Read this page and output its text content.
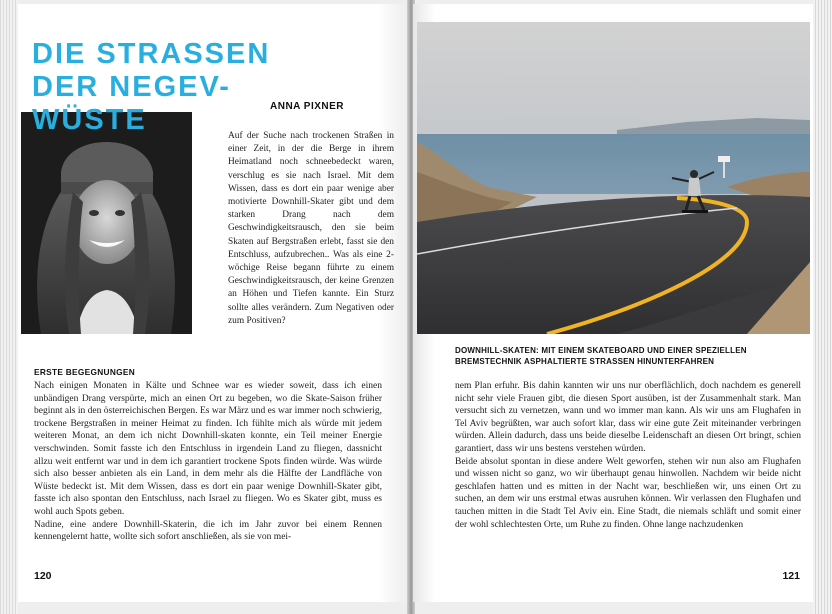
DIE STRASSEN
DER NEGEV-
WÜSTE	ANNA PIXNER

Auf der Suche nach trockenen Straßen in einer Zeit, in der die Berge in ihrem Heimatland noch schneebedeckt waren, verschlug es sie nach Israel. Mit dem Wissen, dass es dort ein paar wenige aber motivierte Downhill-Skater gibt und dem starken Drang nach dem Geschwindigkeitsrausch, den sie beim Skaten auf Bergstraßen erlebt, fasst sie den Entschluss, aufzubrechen.. Was als eine 2-wöchige Reise begann führte zu einem Geschwindigkeitsrausch, der keine Grenzen an Höhen und Tiefen kannte. Ein Sturz sollte alles verändern. Zum Negativen oder zum Positiven?

ERSTE BEGEGNUNGEN

Nach einigen Monaten in Kälte und Schnee war es wieder soweit, dass ich einen unbändigen Drang verspürte, mich an einen Ort zu begeben, wo die Skate-Saison früher beginnt als in den österreichischen Bergen. Es war März und es war immer noch schwierig, trockene Bergstraßen in meiner Heimat zu finden. Ich fühlte mich als würde mit jedem weiteren Monat, an dem ich nicht Downhill-skaten konnte, ein Teil meiner Energie verschwinden. Somit fasste ich den Entschluss in irgendein Land zu fliegen, dassnicht allzu weit entfernt war und in dem ich garantiert trockene Spots finden würde. Was würde sich also besser anbieten als ein Land, in dem mehr als die Hälfte der Landfläche von Wüste bedeckt ist. Mit dem Wissen, dass es dort ein paar wenige Downhill-Skater gibt, fasste ich also spontan den Entschluss, nach Israel zu fliegen. Wo es Skater gibt, muss es wohl auch Spots geben.

Nadine, eine andere Downhill-Skaterin, die ich im Jahr zuvor bei einem Rennen kennengelernt hatte, wollte sich sofort anschließen, als sie von mei-

120

DOWNHILL-SKATEN: MIT EINEM SKATEBOARD UND EINER SPEZIELLEN BREMSTECHNIK ASPHALTIERTE STRASSEN HINUNTERFAHREN

nem Plan erfuhr. Bis dahin kannten wir uns nur oberflächlich, doch nachdem es generell nicht sehr viele Frauen gibt, die diesen Sport ausüben, ist der Zusammenhalt stark. Man versucht sich zu vernetzen, wann und wo immer man kann. Als wir uns am Flughafen in Tel Aviv begrüßten, war auch sofort klar, dass wir eine gute Zeit miteinander verbringen würden. Allein dadurch, dass uns beide dieselbe Leidenschaft an diesen Ort bringt, schien garantiert, dass wir uns bestens verstehen würden.

Beide absolut spontan in diese andere Welt geworfen, stehen wir nun also am Flughafen und wissen nicht so ganz, wo wir überhaupt genau hinwollen. Nachdem wir beide nicht geschlafen hatten und es mitten in der Nacht war, beschließen wir, uns einen Ort zu suchen, an dem wir uns erstmal etwas ausruhen können. Wir verlassen den Flughafen und tauchen mitten in die Stadt Tel Aviv ein. Eine Stadt, die niemals schläft und somit einer der wohl schlechtesten Orte, um Ruhe zu finden. Ohne lange nachzudenken

121
